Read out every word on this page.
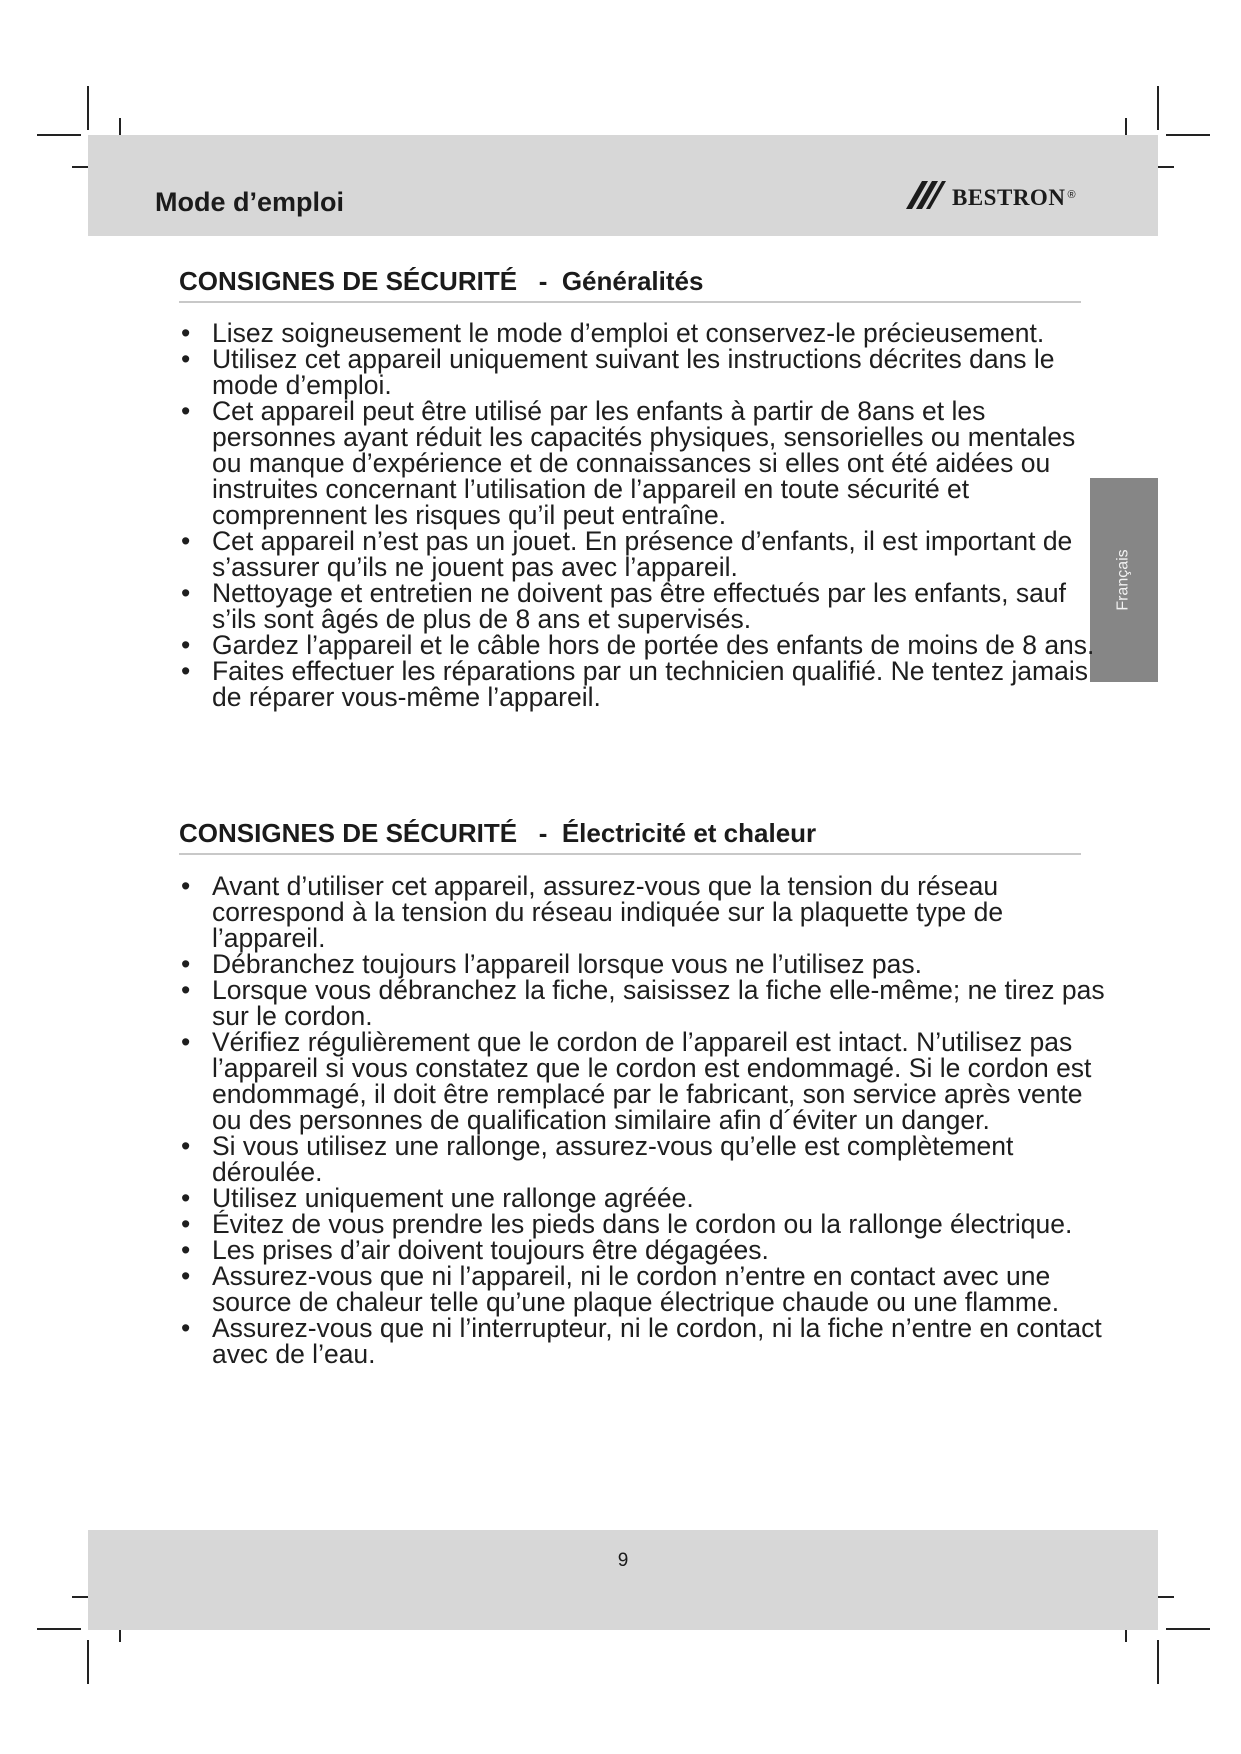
Mode d’emploi	bestron ®
Français
CONSIGNES DE SÉCURITÉ   -  Généralités
• Lisez soigneusement le mode d’emploi et conservez-le précieusement.
• Utilisez cet appareil uniquement suivant les instructions décrites dans le mode d’emploi.
• Cet appareil peut être utilisé par les enfants à partir de 8ans et les personnes ayant réduit les capacités physiques, sensorielles ou mentales ou manque d’expérience et de connaissances si elles ont été aidées ou instruites concernant l’utilisation de l’appareil en toute sécurité et comprennent les risques qu’il peut entraîne.
• Cet appareil n’est pas un jouet. En présence d’enfants, il est important de s’assurer qu’ils ne jouent pas avec l’appareil.
• Nettoyage et entretien ne doivent pas être effectués par les enfants, sauf s’ils sont âgés de plus de 8 ans et supervisés.
• Gardez l’appareil et le câble hors de portée des enfants de moins de 8 ans.
• Faites effectuer les réparations par un technicien qualifié. Ne tentez jamais de réparer vous-même l’appareil.
CONSIGNES DE SÉCURITÉ   -  Électricité et chaleur
• Avant d’utiliser cet appareil, assurez-vous que la tension du réseau correspond à la tension du réseau indiquée sur la plaquette type de l’appareil.
• Débranchez toujours l’appareil lorsque vous ne l’utilisez pas.
• Lorsque vous débranchez la fiche, saisissez la fiche elle-même; ne tirez pas sur le cordon.
• Vérifiez régulièrement que le cordon de l’appareil est intact. N’utilisez pas l’appareil si vous constatez que le cordon est endommagé. Si le cordon est endommagé, il doit être remplacé par le fabricant, son service après vente ou des personnes de qualification similaire afin d´éviter un danger.
• Si vous utilisez une rallonge, assurez-vous qu’elle est complètement déroulée.
• Utilisez uniquement une rallonge agréée.
• Évitez de vous prendre les pieds dans le cordon ou la rallonge électrique.
• Les prises d’air doivent toujours être dégagées.
• Assurez-vous que ni l’appareil, ni le cordon n’entre en contact avec une source de chaleur telle qu’une plaque électrique chaude ou une flamme.
• Assurez-vous que ni l’interrupteur, ni le cordon, ni la fiche n’entre en contact avec de l’eau.
9
